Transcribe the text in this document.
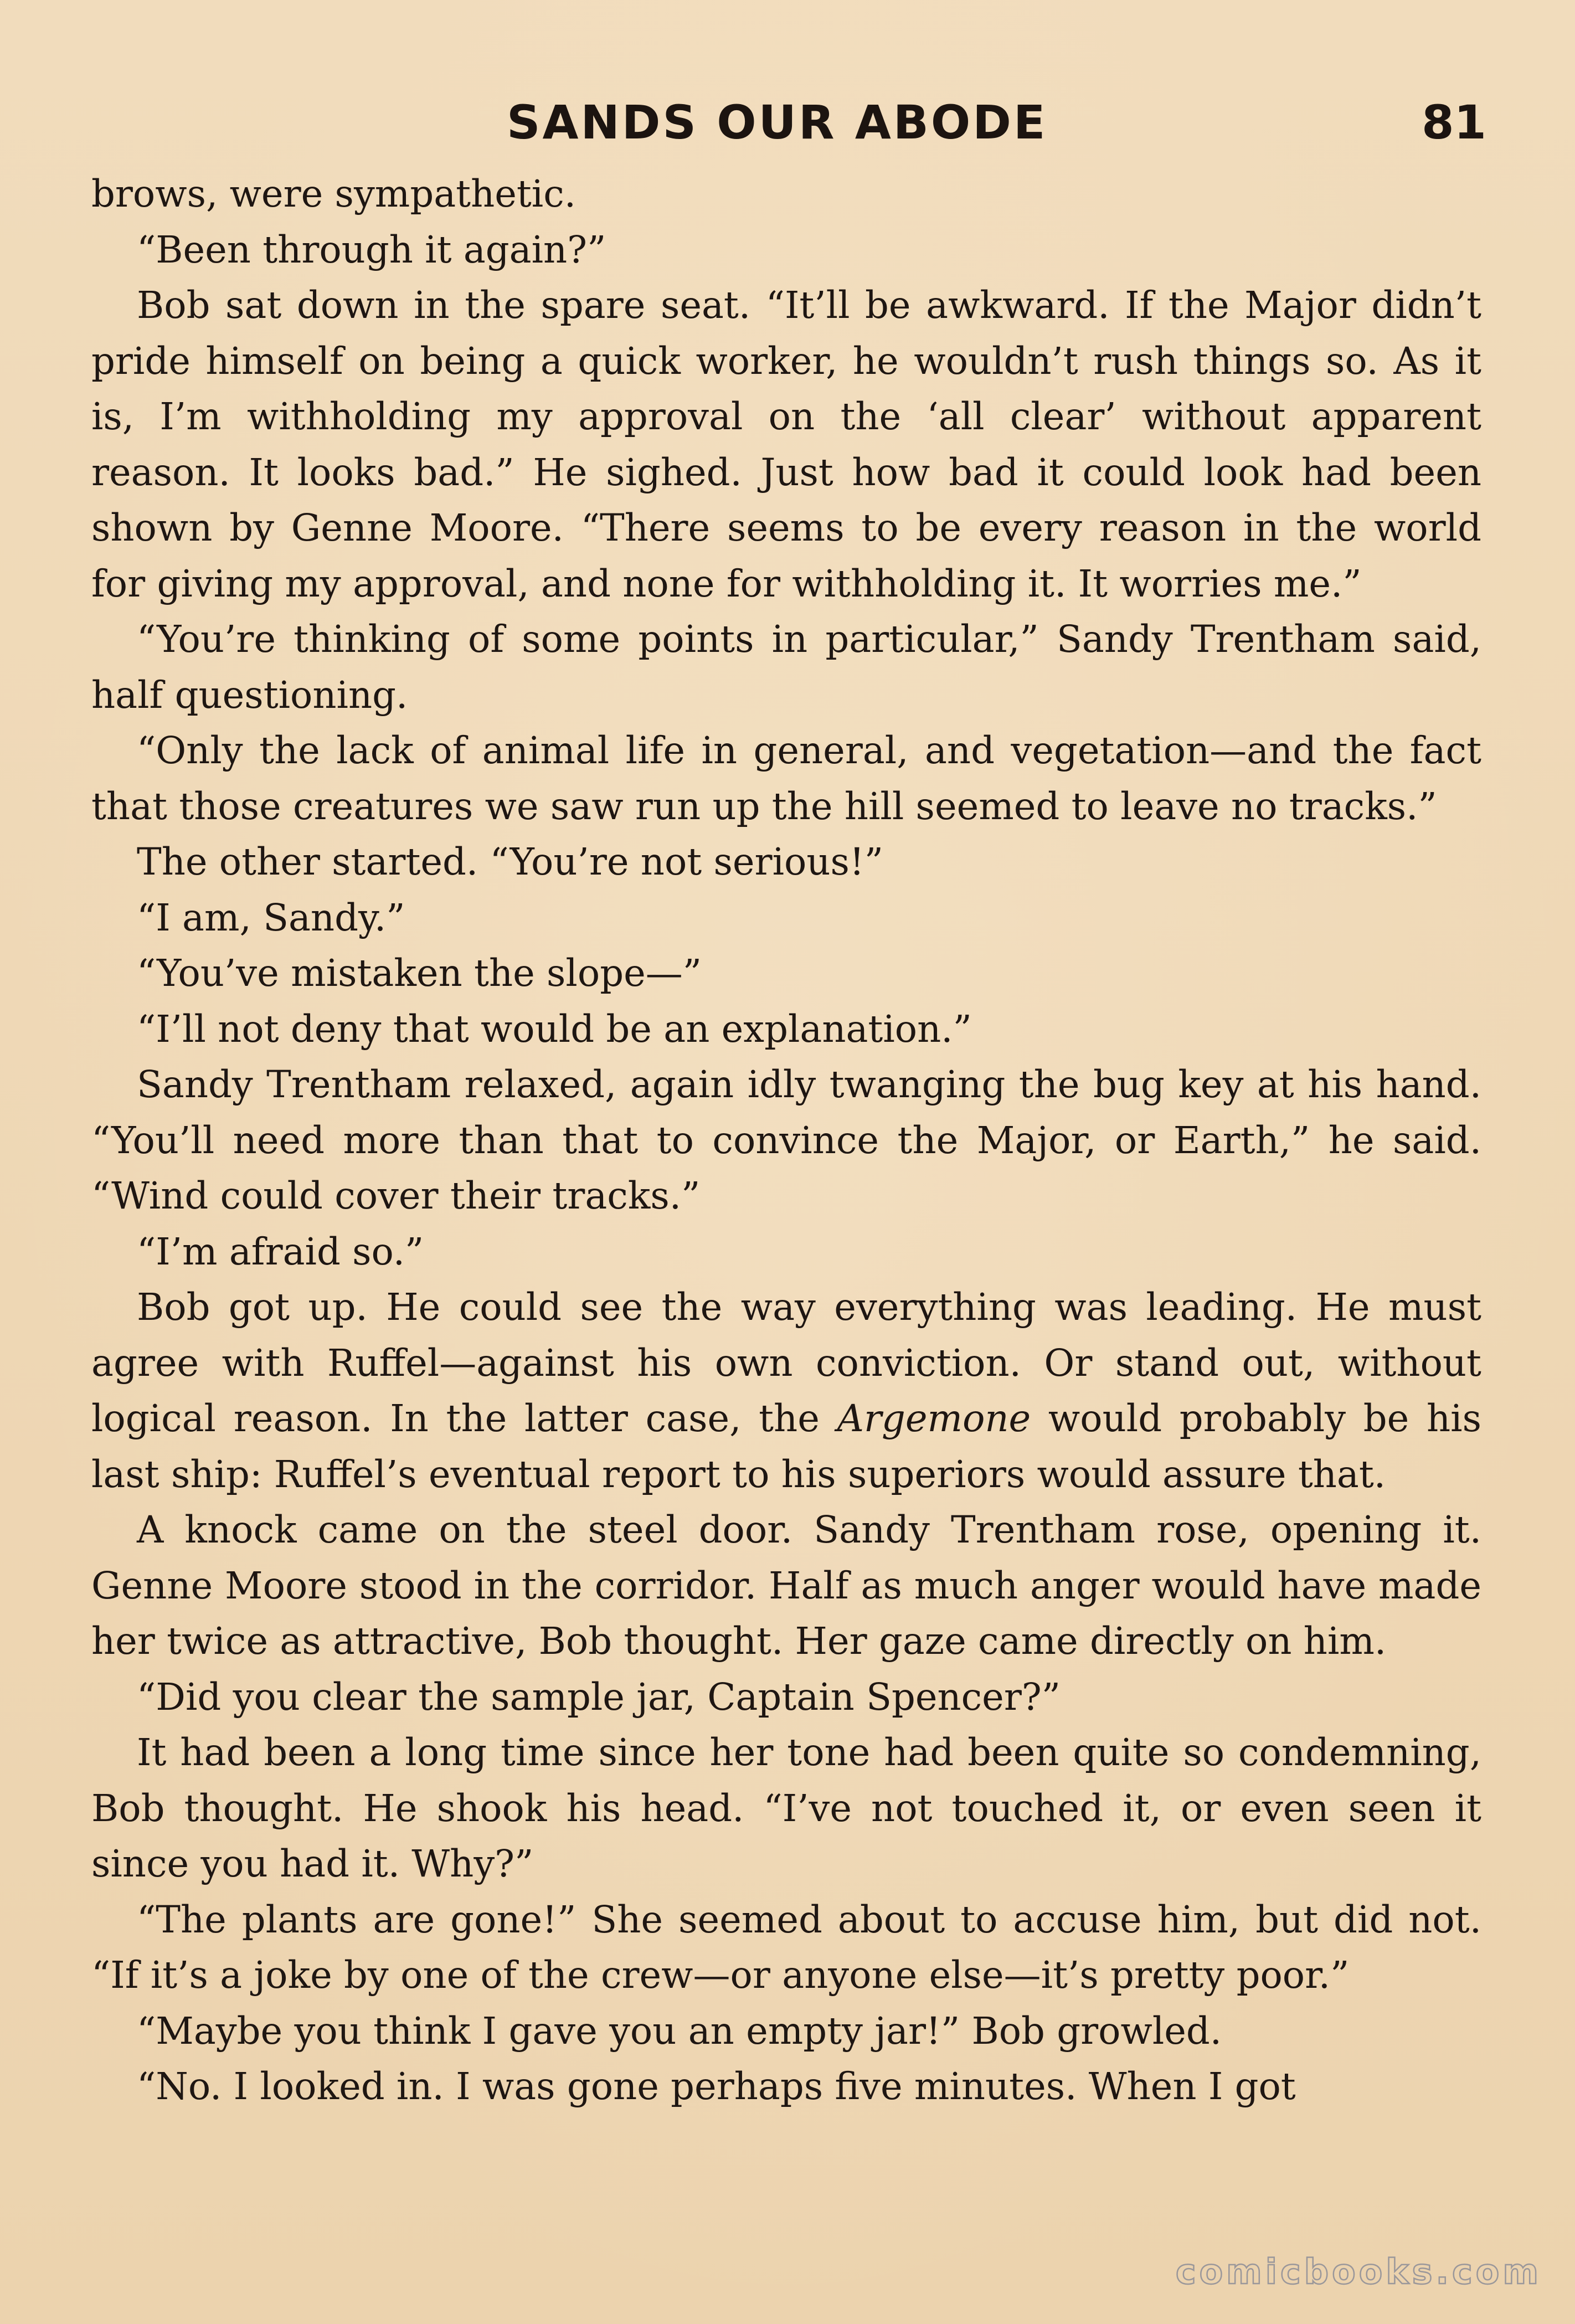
SANDS OUR ABODE	81

brows, were sympathetic.

“Been through it again?”

Bob sat down in the spare seat. “It’ll be awkward. If the Major didn’t pride himself on being a quick worker, he wouldn’t rush things so. As it is, I’m withholding my approval on the ‘all clear’ without apparent reason. It looks bad.” He sighed. Just how bad it could look had been shown by Genne Moore. “There seems to be every reason in the world for giving my approval, and none for withholding it. It worries me.”

“You’re thinking of some points in particular,” Sandy Trentham said, half questioning.

“Only the lack of animal life in general, and vegetation—and the fact that those creatures we saw run up the hill seemed to leave no tracks.”

The other started. “You’re not serious!”

“I am, Sandy.”

“You’ve mistaken the slope—”

“I’ll not deny that would be an explanation.”

Sandy Trentham relaxed, again idly twanging the bug key at his hand. “You’ll need more than that to convince the Major, or Earth,” he said. “Wind could cover their tracks.”

“I’m afraid so.”

Bob got up. He could see the way everything was leading. He must agree with Ruffel—against his own conviction. Or stand out, without logical reason. In the latter case, the Argemone would probably be his last ship: Ruffel’s eventual report to his superiors would assure that.

A knock came on the steel door. Sandy Trentham rose, opening it. Genne Moore stood in the corridor. Half as much anger would have made her twice as attractive, Bob thought. Her gaze came directly on him.

“Did you clear the sample jar, Captain Spencer?”

It had been a long time since her tone had been quite so condemning, Bob thought. He shook his head. “I’ve not touched it, or even seen it since you had it. Why?”

“The plants are gone!” She seemed about to accuse him, but did not. “If it’s a joke by one of the crew—or anyone else—it’s pretty poor.”

“Maybe you think I gave you an empty jar!” Bob growled.

“No. I looked in. I was gone perhaps five minutes. When I got

comicbooks.com
